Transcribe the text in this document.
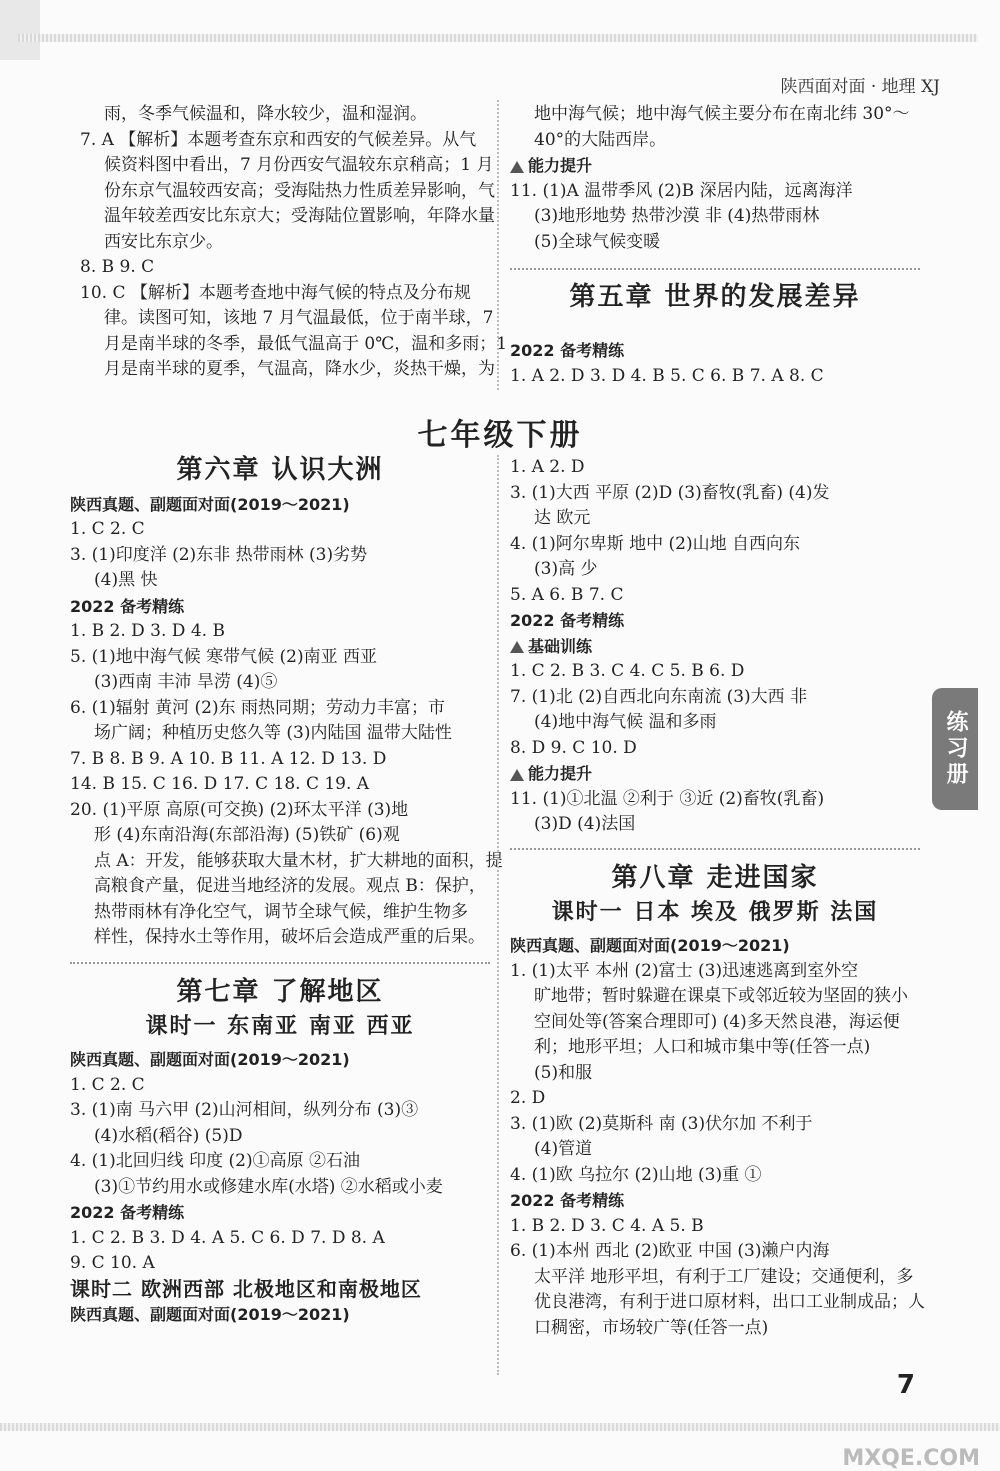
陕西面对面 · 地理 XJ
雨，冬季气候温和，降水较少，温和湿润。
7. A 【解析】本题考查东京和西安的气候差异。从气
候资料图中看出，7 月份西安气温较东京稍高；1 月
份东京气温较西安高；受海陆热力性质差异影响，气
温年较差西安比东京大；受海陆位置影响，年降水量
西安比东京少。
8. B 9. C
10. C 【解析】本题考查地中海气候的特点及分布规
律。读图可知，该地 7 月气温最低，位于南半球，7
月是南半球的冬季，最低气温高于 0℃，温和多雨；1
月是南半球的夏季，气温高，降水少，炎热干燥，为
地中海气候；地中海气候主要分布在南北纬 30°～
40°的大陆西岸。
能力提升
11. (1)A 温带季风 (2)B 深居内陆，远离海洋
(3)地形地势 热带沙漠 非 (4)热带雨林
(5)全球气候变暖
第五章 世界的发展差异
2022 备考精练
1. A 2. D 3. D 4. B 5. C 6. B 7. A 8. C
七年级下册
第六章 认识大洲
陕西真题、副题面对面(2019～2021)
1. C 2. C
3. (1)印度洋 (2)东非 热带雨林 (3)劣势
(4)黑 快
2022 备考精练
1. B 2. D 3. D 4. B
5. (1)地中海气候 寒带气候 (2)南亚 西亚
(3)西南 丰沛 旱涝 (4)⑤
6. (1)辐射 黄河 (2)东 雨热同期；劳动力丰富；市
场广阔；种植历史悠久等 (3)内陆国 温带大陆性
7. B 8. B 9. A 10. B 11. A 12. D 13. D
14. B 15. C 16. D 17. C 18. C 19. A
20. (1)平原 高原(可交换) (2)环太平洋 (3)地
形 (4)东南沿海(东部沿海) (5)铁矿 (6)观
点 A：开发，能够获取大量木材，扩大耕地的面积，提
高粮食产量，促进当地经济的发展。观点 B：保护，
热带雨林有净化空气，调节全球气候，维护生物多
样性，保持水土等作用，破坏后会造成严重的后果。
第七章 了解地区
课时一 东南亚 南亚 西亚
陕西真题、副题面对面(2019～2021)
1. C 2. C
3. (1)南 马六甲 (2)山河相间，纵列分布 (3)③
(4)水稻(稻谷) (5)D
4. (1)北回归线 印度 (2)①高原 ②石油
(3)①节约用水或修建水库(水塔) ②水稻或小麦
2022 备考精练
1. C 2. B 3. D 4. A 5. C 6. D 7. D 8. A
9. C 10. A
课时二 欧洲西部 北极地区和南极地区
陕西真题、副题面对面(2019～2021)
1. A 2. D
3. (1)大西 平原 (2)D (3)畜牧(乳畜) (4)发
达 欧元
4. (1)阿尔卑斯 地中 (2)山地 自西向东
(3)高 少
5. A 6. B 7. C
2022 备考精练
基础训练
1. C 2. B 3. C 4. C 5. B 6. D
7. (1)北 (2)自西北向东南流 (3)大西 非
(4)地中海气候 温和多雨
8. D 9. C 10. D
能力提升
11. (1)①北温 ②利于 ③近 (2)畜牧(乳畜)
(3)D (4)法国
第八章 走进国家
课时一 日本 埃及 俄罗斯 法国
陕西真题、副题面对面(2019～2021)
1. (1)太平 本州 (2)富士 (3)迅速逃离到室外空
旷地带；暂时躲避在课桌下或邻近较为坚固的狭小
空间处等(答案合理即可) (4)多天然良港，海运便
利；地形平坦；人口和城市集中等(任答一点)
(5)和服
2. D
3. (1)欧 (2)莫斯科 南 (3)伏尔加 不利于
(4)管道
4. (1)欧 乌拉尔 (2)山地 (3)重 ①
2022 备考精练
1. B 2. D 3. C 4. A 5. B
6. (1)本州 西北 (2)欧亚 中国 (3)濑户内海
太平洋 地形平坦，有利于工厂建设；交通便利，多
优良港湾，有利于进口原材料，出口工业制成品；人
口稠密，市场较广等(任答一点)
练习册
7
MXQE.COM
